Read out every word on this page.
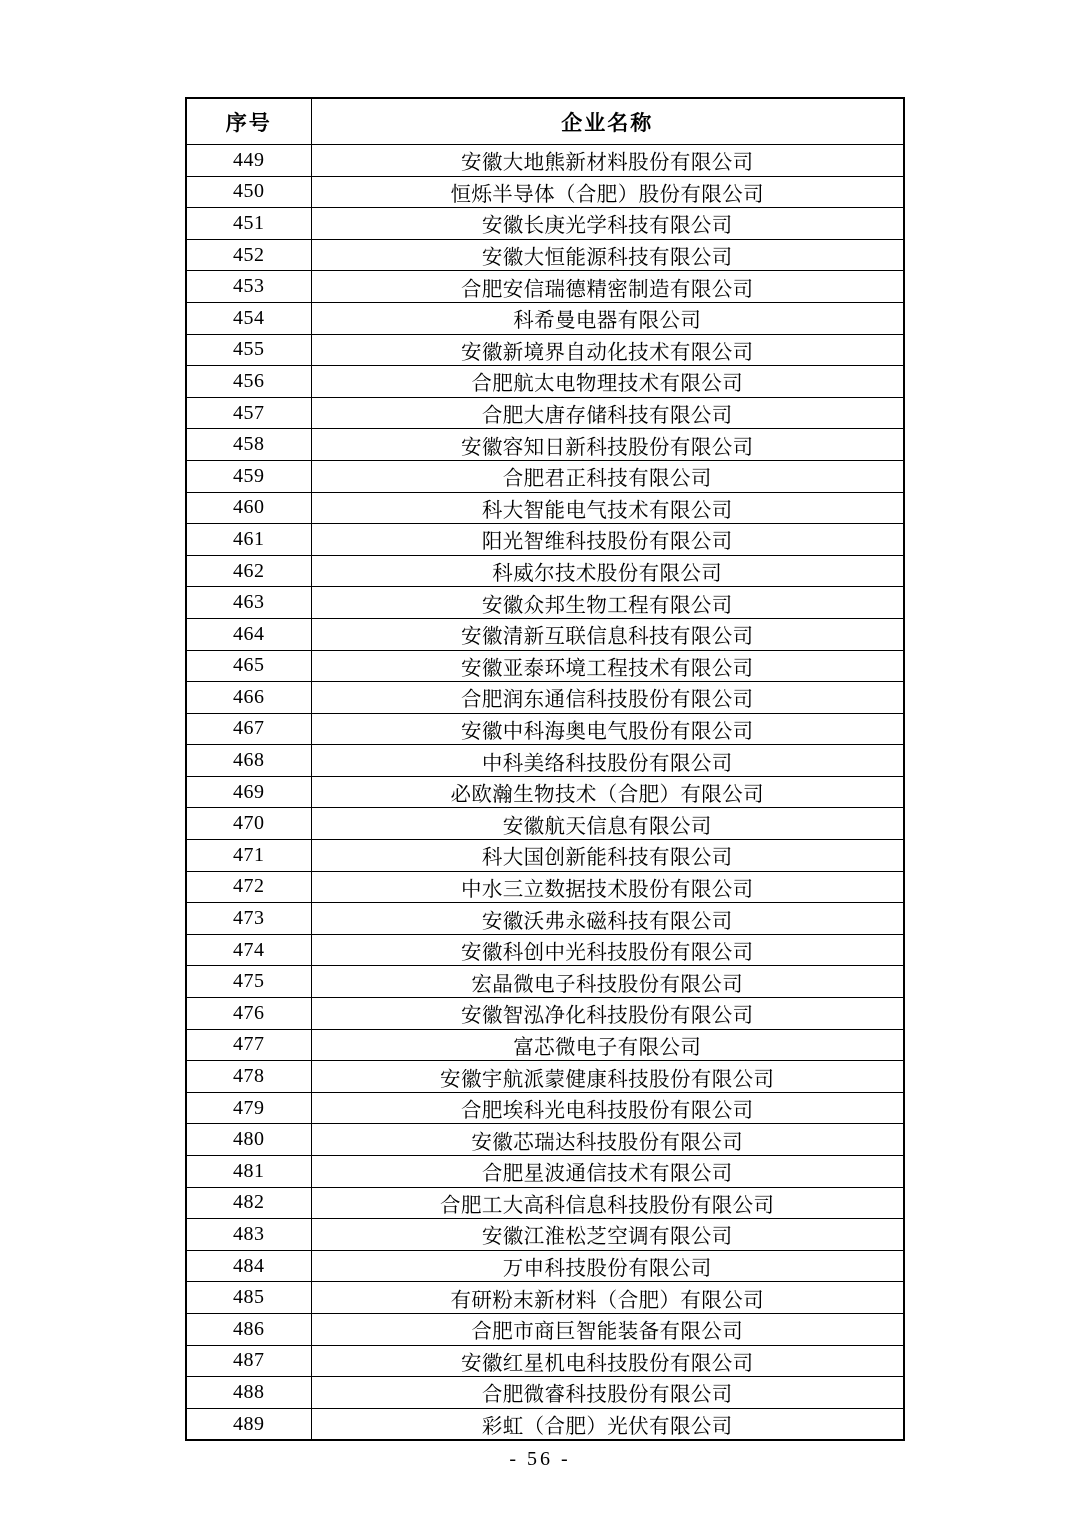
序号	企业名称
449	安徽大地熊新材料股份有限公司
450	恒烁半导体（合肥）股份有限公司
451	安徽长庚光学科技有限公司
452	安徽大恒能源科技有限公司
453	合肥安信瑞德精密制造有限公司
454	科希曼电器有限公司
455	安徽新境界自动化技术有限公司
456	合肥航太电物理技术有限公司
457	合肥大唐存储科技有限公司
458	安徽容知日新科技股份有限公司
459	合肥君正科技有限公司
460	科大智能电气技术有限公司
461	阳光智维科技股份有限公司
462	科威尔技术股份有限公司
463	安徽众邦生物工程有限公司
464	安徽清新互联信息科技有限公司
465	安徽亚泰环境工程技术有限公司
466	合肥润东通信科技股份有限公司
467	安徽中科海奥电气股份有限公司
468	中科美络科技股份有限公司
469	必欧瀚生物技术（合肥）有限公司
470	安徽航天信息有限公司
471	科大国创新能科技有限公司
472	中水三立数据技术股份有限公司
473	安徽沃弗永磁科技有限公司
474	安徽科创中光科技股份有限公司
475	宏晶微电子科技股份有限公司
476	安徽智泓净化科技股份有限公司
477	富芯微电子有限公司
478	安徽宇航派蒙健康科技股份有限公司
479	合肥埃科光电科技股份有限公司
480	安徽芯瑞达科技股份有限公司
481	合肥星波通信技术有限公司
482	合肥工大高科信息科技股份有限公司
483	安徽江淮松芝空调有限公司
484	万申科技股份有限公司
485	有研粉末新材料（合肥）有限公司
486	合肥市商巨智能装备有限公司
487	安徽红星机电科技股份有限公司
488	合肥微睿科技股份有限公司
489	彩虹（合肥）光伏有限公司
- 56 -
